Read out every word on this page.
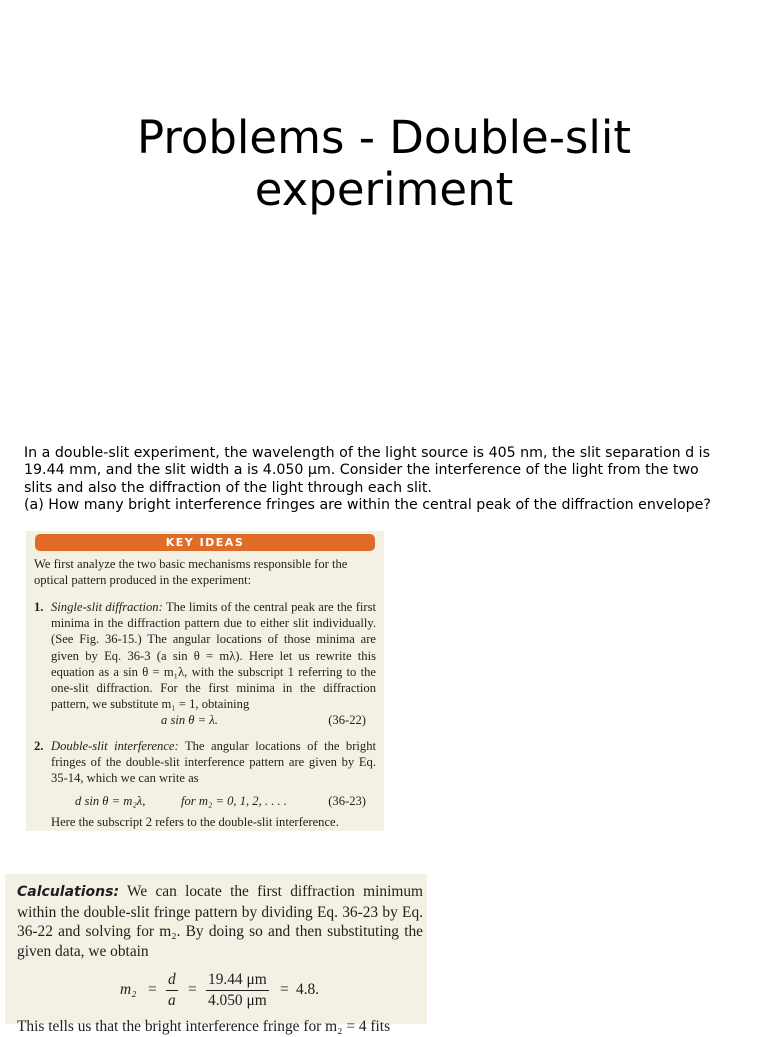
Problems - Double-slit
experiment

In a double-slit experiment, the wavelength of the light source is 405 nm, the slit separation d is 19.44 mm, and the slit width a is 4.050 μm. Consider the interference of the light from the two slits and also the diffraction of the light through each slit.

(a) How many bright interference fringes are within the central peak of the diffraction envelope?

KEY IDEAS
We first analyze the two basic mechanisms responsible for the optical pattern produced in the experiment:
1. Single-slit diffraction: The limits of the central peak are the first minima in the diffraction pattern due to either slit individually. (See Fig. 36-15.) The angular locations of those minima are given by Eq. 36-3 (a sin θ = mλ). Here let us rewrite this equation as a sin θ = m₁λ, with the subscript 1 referring to the one-slit diffraction. For the first minima in the diffraction pattern, we substitute m₁ = 1, obtaining
a sin θ = λ.	(36-22)
2. Double-slit interference: The angular locations of the bright fringes of the double-slit interference pattern are given by Eq. 35-14, which we can write as
d sin θ = m₂λ,	for m₂ = 0, 1, 2, . . . .	(36-23)
Here the subscript 2 refers to the double-slit interference.
Calculations: We can locate the first diffraction minimum within the double-slit fringe pattern by dividing Eq. 36-23 by Eq. 36-22 and solving for m₂. By doing so and then substituting the given data, we obtain
$m_2 = \frac{d}{a} = \frac{19.44 \mu m}{4.050 \mu m} = 4.8$.
This tells us that the bright interference fringe for m₂ = 4 fits
